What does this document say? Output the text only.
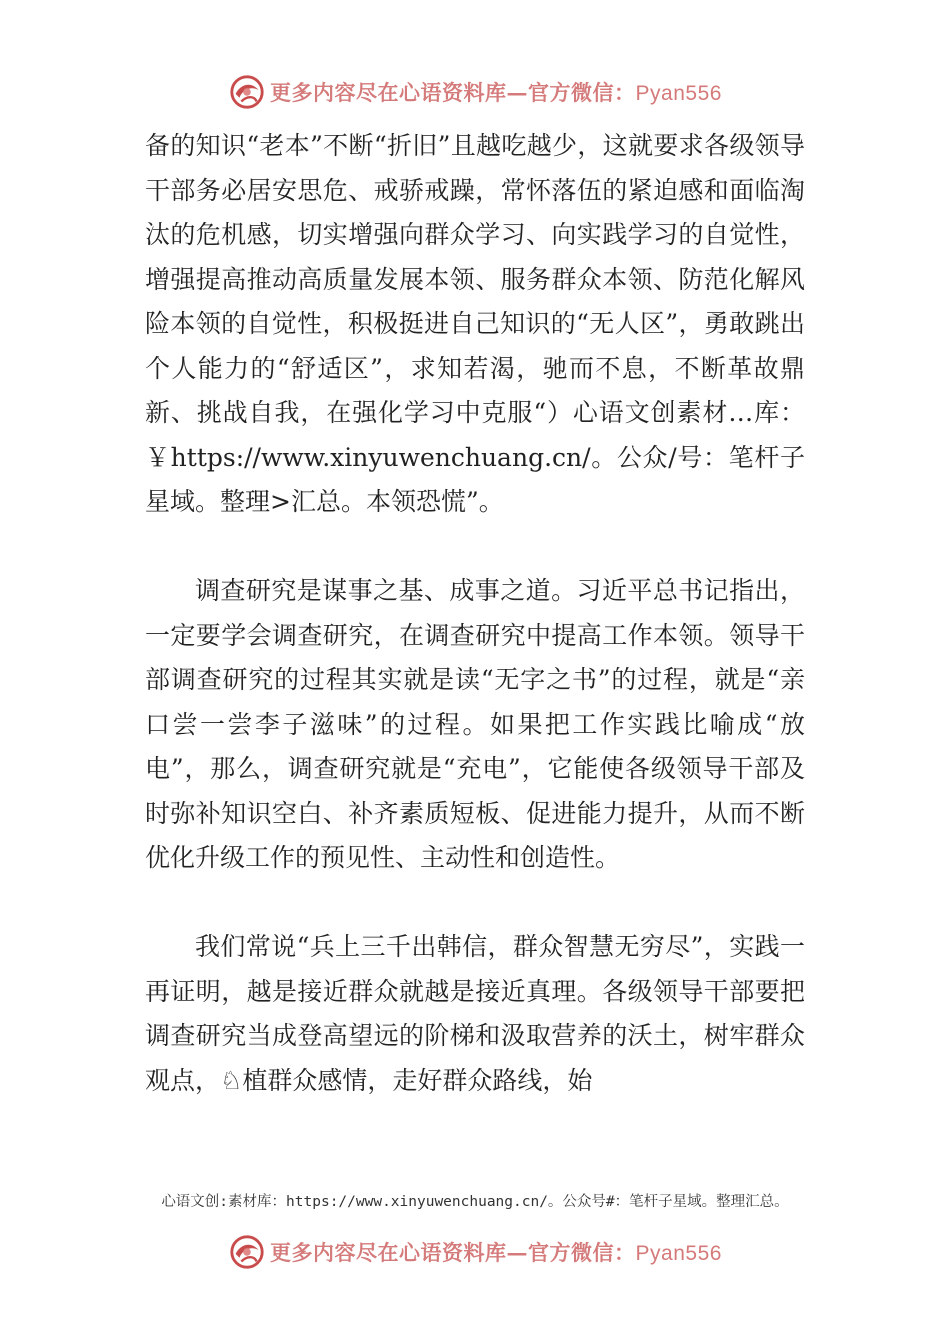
更多内容尽在心语资料库—官方微信：Pyan556

备的知识“老本”不断“折旧”且越吃越少，这就要求各级领导干部务必居安思危、戒骄戒躁，常怀落伍的紧迫感和面临淘汰的危机感，切实增强向群众学习、向实践学习的自觉性，增强提高推动高质量发展本领、服务群众本领、防范化解风险本领的自觉性，积极挺进自己知识的“无人区”，勇敢跳出个人能力的“舒适区”，求知若渴，驰而不息，不断革故鼎新、挑战自我，在强化学习中克服“）心语文创素材…库：￥https://www.xinyuwenchuang.cn/。公众/号：笔杆子星域。整理>汇总。本领恐慌”。

调查研究是谋事之基、成事之道。习近平总书记指出，一定要学会调查研究，在调查研究中提高工作本领。领导干部调查研究的过程其实就是读“无字之书”的过程，就是“亲口尝一尝李子滋味”的过程。如果把工作实践比喻成“放电”，那么，调查研究就是“充电”，它能使各级领导干部及时弥补知识空白、补齐素质短板、促进能力提升，从而不断优化升级工作的预见性、主动性和创造性。

我们常说“兵上三千出韩信，群众智慧无穷尽”，实践一再证明，越是接近群众就越是接近真理。各级领导干部要把调查研究当成登高望远的阶梯和汲取营养的沃土，树牢群众观点，♘植群众感情，走好群众路线，始

心语文创:素材库：https://www.xinyuwenchuang.cn/。公众号#：笔杆子星域。整理汇总。
更多内容尽在心语资料库—官方微信：Pyan556
